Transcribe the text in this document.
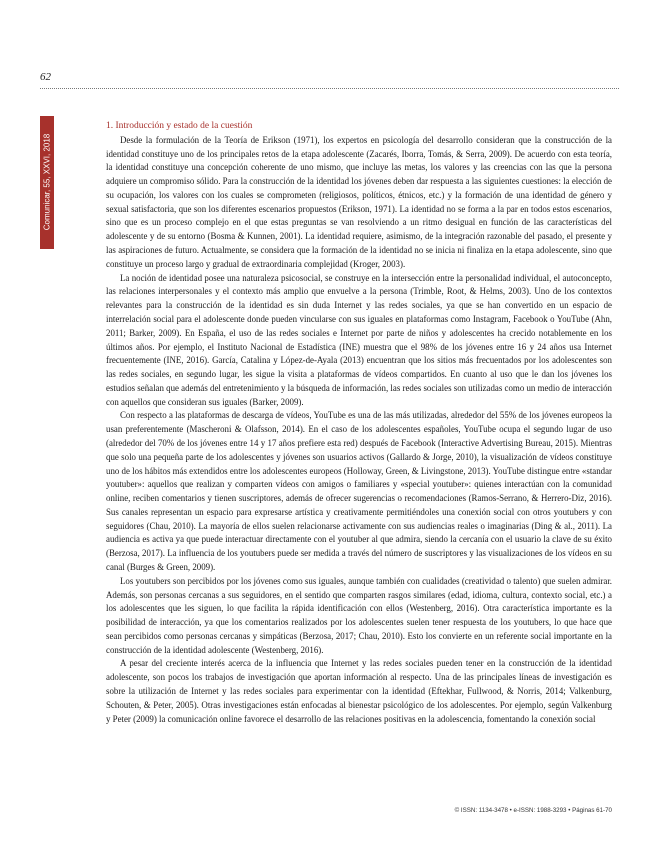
62
Comunicar, 55, XXVI, 2018
1. Introducción y estado de la cuestión

Desde la formulación de la Teoría de Erikson (1971), los expertos en psicología del desarrollo consideran que la construcción de la identidad constituye uno de los principales retos de la etapa adolescente (Zacarés, Iborra, Tomás, & Serra, 2009). De acuerdo con esta teoría, la identidad constituye una concepción coherente de uno mismo, que incluye las metas, los valores y las creencias con las que la persona adquiere un compromiso sólido. Para la construcción de la identidad los jóvenes deben dar respuesta a las siguientes cuestiones: la elección de su ocupación, los valores con los cuales se comprometen (religiosos, políticos, étnicos, etc.) y la formación de una identidad de género y sexual satisfactoria, que son los diferentes escenarios propuestos (Erikson, 1971). La identidad no se forma a la par en todos estos escenarios, sino que es un proceso complejo en el que estas preguntas se van resolviendo a un ritmo desigual en función de las características del adolescente y de su entorno (Bosma & Kunnen, 2001). La identidad requiere, asimismo, de la integración razonable del pasado, el presente y las aspiraciones de futuro. Actualmente, se considera que la formación de la identidad no se inicia ni finaliza en la etapa adolescente, sino que constituye un proceso largo y gradual de extraordinaria complejidad (Kroger, 2003).

La noción de identidad posee una naturaleza psicosocial, se construye en la intersección entre la personalidad individual, el autoconcepto, las relaciones interpersonales y el contexto más amplio que envuelve a la persona (Trimble, Root, & Helms, 2003). Uno de los contextos relevantes para la construcción de la identidad es sin duda Internet y las redes sociales, ya que se han convertido en un espacio de interrelación social para el adolescente donde pueden vincularse con sus iguales en plataformas como Instagram, Facebook o YouTube (Ahn, 2011; Barker, 2009). En España, el uso de las redes sociales e Internet por parte de niños y adolescentes ha crecido notablemente en los últimos años. Por ejemplo, el Instituto Nacional de Estadística (INE) muestra que el 98% de los jóvenes entre 16 y 24 años usa Internet frecuentemente (INE, 2016). García, Catalina y López-de-Ayala (2013) encuentran que los sitios más frecuentados por los adolescentes son las redes sociales, en segundo lugar, les sigue la visita a plataformas de vídeos compartidos. En cuanto al uso que le dan los jóvenes los estudios señalan que además del entretenimiento y la búsqueda de información, las redes sociales son utilizadas como un medio de interacción con aquellos que consideran sus iguales (Barker, 2009).

Con respecto a las plataformas de descarga de vídeos, YouTube es una de las más utilizadas, alrededor del 55% de los jóvenes europeos la usan preferentemente (Mascheroni & Olafsson, 2014). En el caso de los adolescentes españoles, YouTube ocupa el segundo lugar de uso (alrededor del 70% de los jóvenes entre 14 y 17 años prefiere esta red) después de Facebook (Interactive Advertising Bureau, 2015). Mientras que solo una pequeña parte de los adolescentes y jóvenes son usuarios activos (Gallardo & Jorge, 2010), la visualización de vídeos constituye uno de los hábitos más extendidos entre los adolescentes europeos (Holloway, Green, & Livingstone, 2013). YouTube distingue entre «standar youtuber»: aquellos que realizan y comparten vídeos con amigos o familiares y «special youtuber»: quienes interactúan con la comunidad online, reciben comentarios y tienen suscriptores, además de ofrecer sugerencias o recomendaciones (Ramos-Serrano, & Herrero-Diz, 2016). Sus canales representan un espacio para expresarse artística y creativamente permitiéndoles una conexión social con otros youtubers y con seguidores (Chau, 2010). La mayoría de ellos suelen relacionarse activamente con sus audiencias reales o imaginarias (Ding & al., 2011). La audiencia es activa ya que puede interactuar directamente con el youtuber al que admira, siendo la cercanía con el usuario la clave de su éxito (Berzosa, 2017). La influencia de los youtubers puede ser medida a través del número de suscriptores y las visualizaciones de los vídeos en su canal (Burges & Green, 2009).

Los youtubers son percibidos por los jóvenes como sus iguales, aunque también con cualidades (creatividad o talento) que suelen admirar. Además, son personas cercanas a sus seguidores, en el sentido que comparten rasgos similares (edad, idioma, cultura, contexto social, etc.) a los adolescentes que les siguen, lo que facilita la rápida identificación con ellos (Westenberg, 2016). Otra característica importante es la posibilidad de interacción, ya que los comentarios realizados por los adolescentes suelen tener respuesta de los youtubers, lo que hace que sean percibidos como personas cercanas y simpáticas (Berzosa, 2017; Chau, 2010). Esto los convierte en un referente social importante en la construcción de la identidad adolescente (Westenberg, 2016).

A pesar del creciente interés acerca de la influencia que Internet y las redes sociales pueden tener en la construcción de la identidad adolescente, son pocos los trabajos de investigación que aportan información al respecto. Una de las principales líneas de investigación es sobre la utilización de Internet y las redes sociales para experimentar con la identidad (Eftekhar, Fullwood, & Norris, 2014; Valkenburg, Schouten, & Peter, 2005). Otras investigaciones están enfocadas al bienestar psicológico de los adolescentes. Por ejemplo, según Valkenburg y Peter (2009) la comunicación online favorece el desarrollo de las relaciones positivas en la adolescencia, fomentando la conexión social

© ISSN: 1134-3478 • e-ISSN: 1988-3293 • Páginas 61-70
